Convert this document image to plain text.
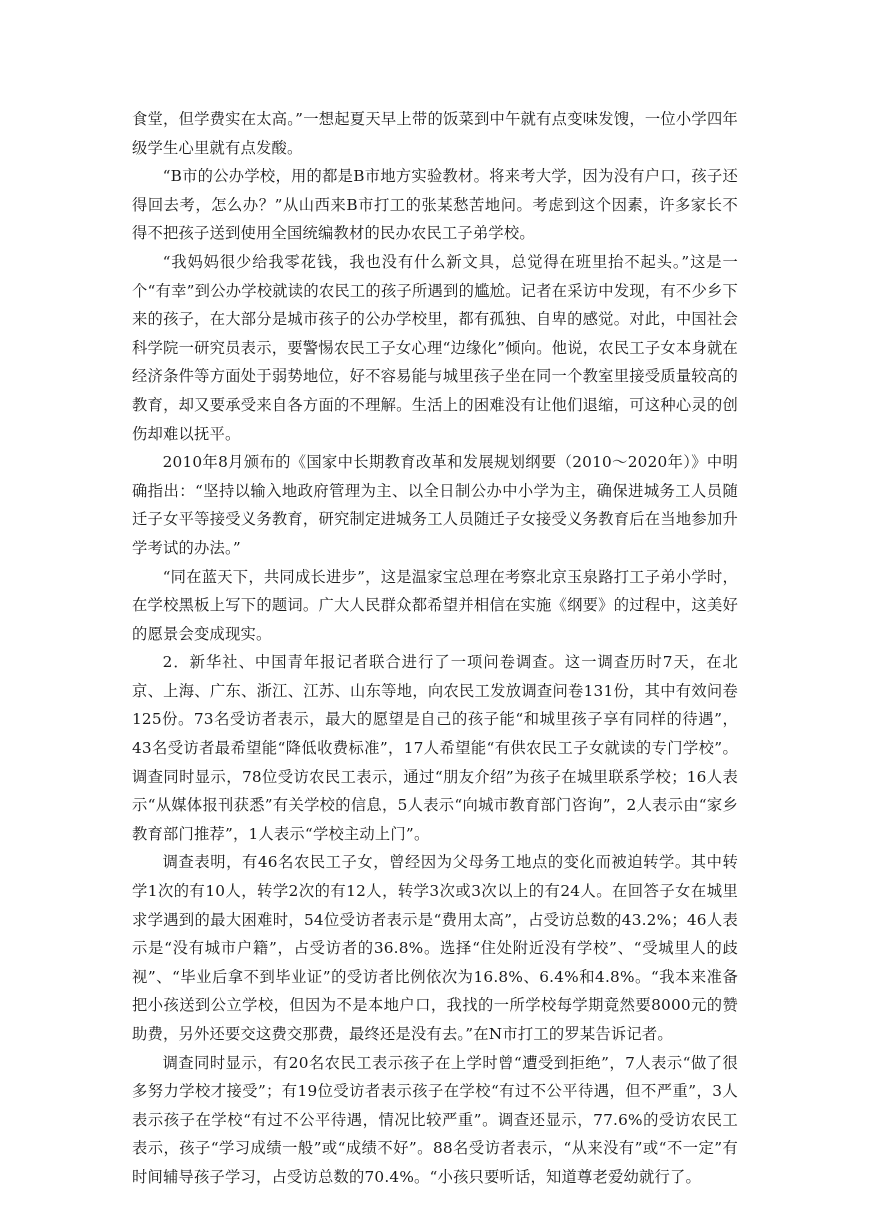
食堂，但学费实在太高。”一想起夏天早上带的饭菜到中午就有点变味发馊，一位小学四年级学生心里就有点发酸。

“B市的公办学校，用的都是B市地方实验教材。将来考大学，因为没有户口，孩子还得回去考，怎么办？”从山西来B市打工的张某愁苦地问。考虑到这个因素，许多家长不得不把孩子送到使用全国统编教材的民办农民工子弟学校。

“我妈妈很少给我零花钱，我也没有什么新文具，总觉得在班里抬不起头。”这是一个“有幸”到公办学校就读的农民工的孩子所遇到的尴尬。记者在采访中发现，有不少乡下来的孩子，在大部分是城市孩子的公办学校里，都有孤独、自卑的感觉。对此，中国社会科学院一研究员表示，要警惕农民工子女心理“边缘化”倾向。他说，农民工子女本身就在经济条件等方面处于弱势地位，好不容易能与城里孩子坐在同一个教室里接受质量较高的教育，却又要承受来自各方面的不理解。生活上的困难没有让他们退缩，可这种心灵的创伤却难以抚平。

2010年8月颁布的《国家中长期教育改革和发展规划纲要（2010～2020年）》中明确指出：“坚持以输入地政府管理为主、以全日制公办中小学为主，确保进城务工人员随迁子女平等接受义务教育，研究制定进城务工人员随迁子女接受义务教育后在当地参加升学考试的办法。”

“同在蓝天下，共同成长进步”，这是温家宝总理在考察北京玉泉路打工子弟小学时，在学校黑板上写下的题词。广大人民群众都希望并相信在实施《纲要》的过程中，这美好的愿景会变成现实。

2．新华社、中国青年报记者联合进行了一项问卷调查。这一调查历时7天，在北京、上海、广东、浙江、江苏、山东等地，向农民工发放调查问卷131份，其中有效问卷125份。73名受访者表示，最大的愿望是自己的孩子能“和城里孩子享有同样的待遇”，43名受访者最希望能“降低收费标准”，17人希望能“有供农民工子女就读的专门学校”。调查同时显示，78位受访农民工表示，通过“朋友介绍”为孩子在城里联系学校；16人表示“从媒体报刊获悉”有关学校的信息，5人表示“向城市教育部门咨询”，2人表示由“家乡教育部门推荐”，1人表示“学校主动上门”。

调查表明，有46名农民工子女，曾经因为父母务工地点的变化而被迫转学。其中转学1次的有10人，转学2次的有12人，转学3次或3次以上的有24人。在回答子女在城里求学遇到的最大困难时，54位受访者表示是“费用太高”，占受访总数的43.2%；46人表示是“没有城市户籍”，占受访者的36.8%。选择“住处附近没有学校”、“受城里人的歧视”、“毕业后拿不到毕业证”的受访者比例依次为16.8%、6.4%和4.8%。“我本来准备把小孩送到公立学校，但因为不是本地户口，我找的一所学校每学期竟然要8000元的赞助费，另外还要交这费交那费，最终还是没有去。”在N市打工的罗某告诉记者。

调查同时显示，有20名农民工表示孩子在上学时曾“遭受到拒绝”，7人表示“做了很多努力学校才接受”；有19位受访者表示孩子在学校“有过不公平待遇，但不严重”，3人表示孩子在学校“有过不公平待遇，情况比较严重”。调查还显示，77.6%的受访农民工表示，孩子“学习成绩一般”或“成绩不好”。88名受访者表示，“从来没有”或“不一定”有时间辅导孩子学习，占受访总数的70.4%。“小孩只要听话，知道尊老爱幼就行了。
